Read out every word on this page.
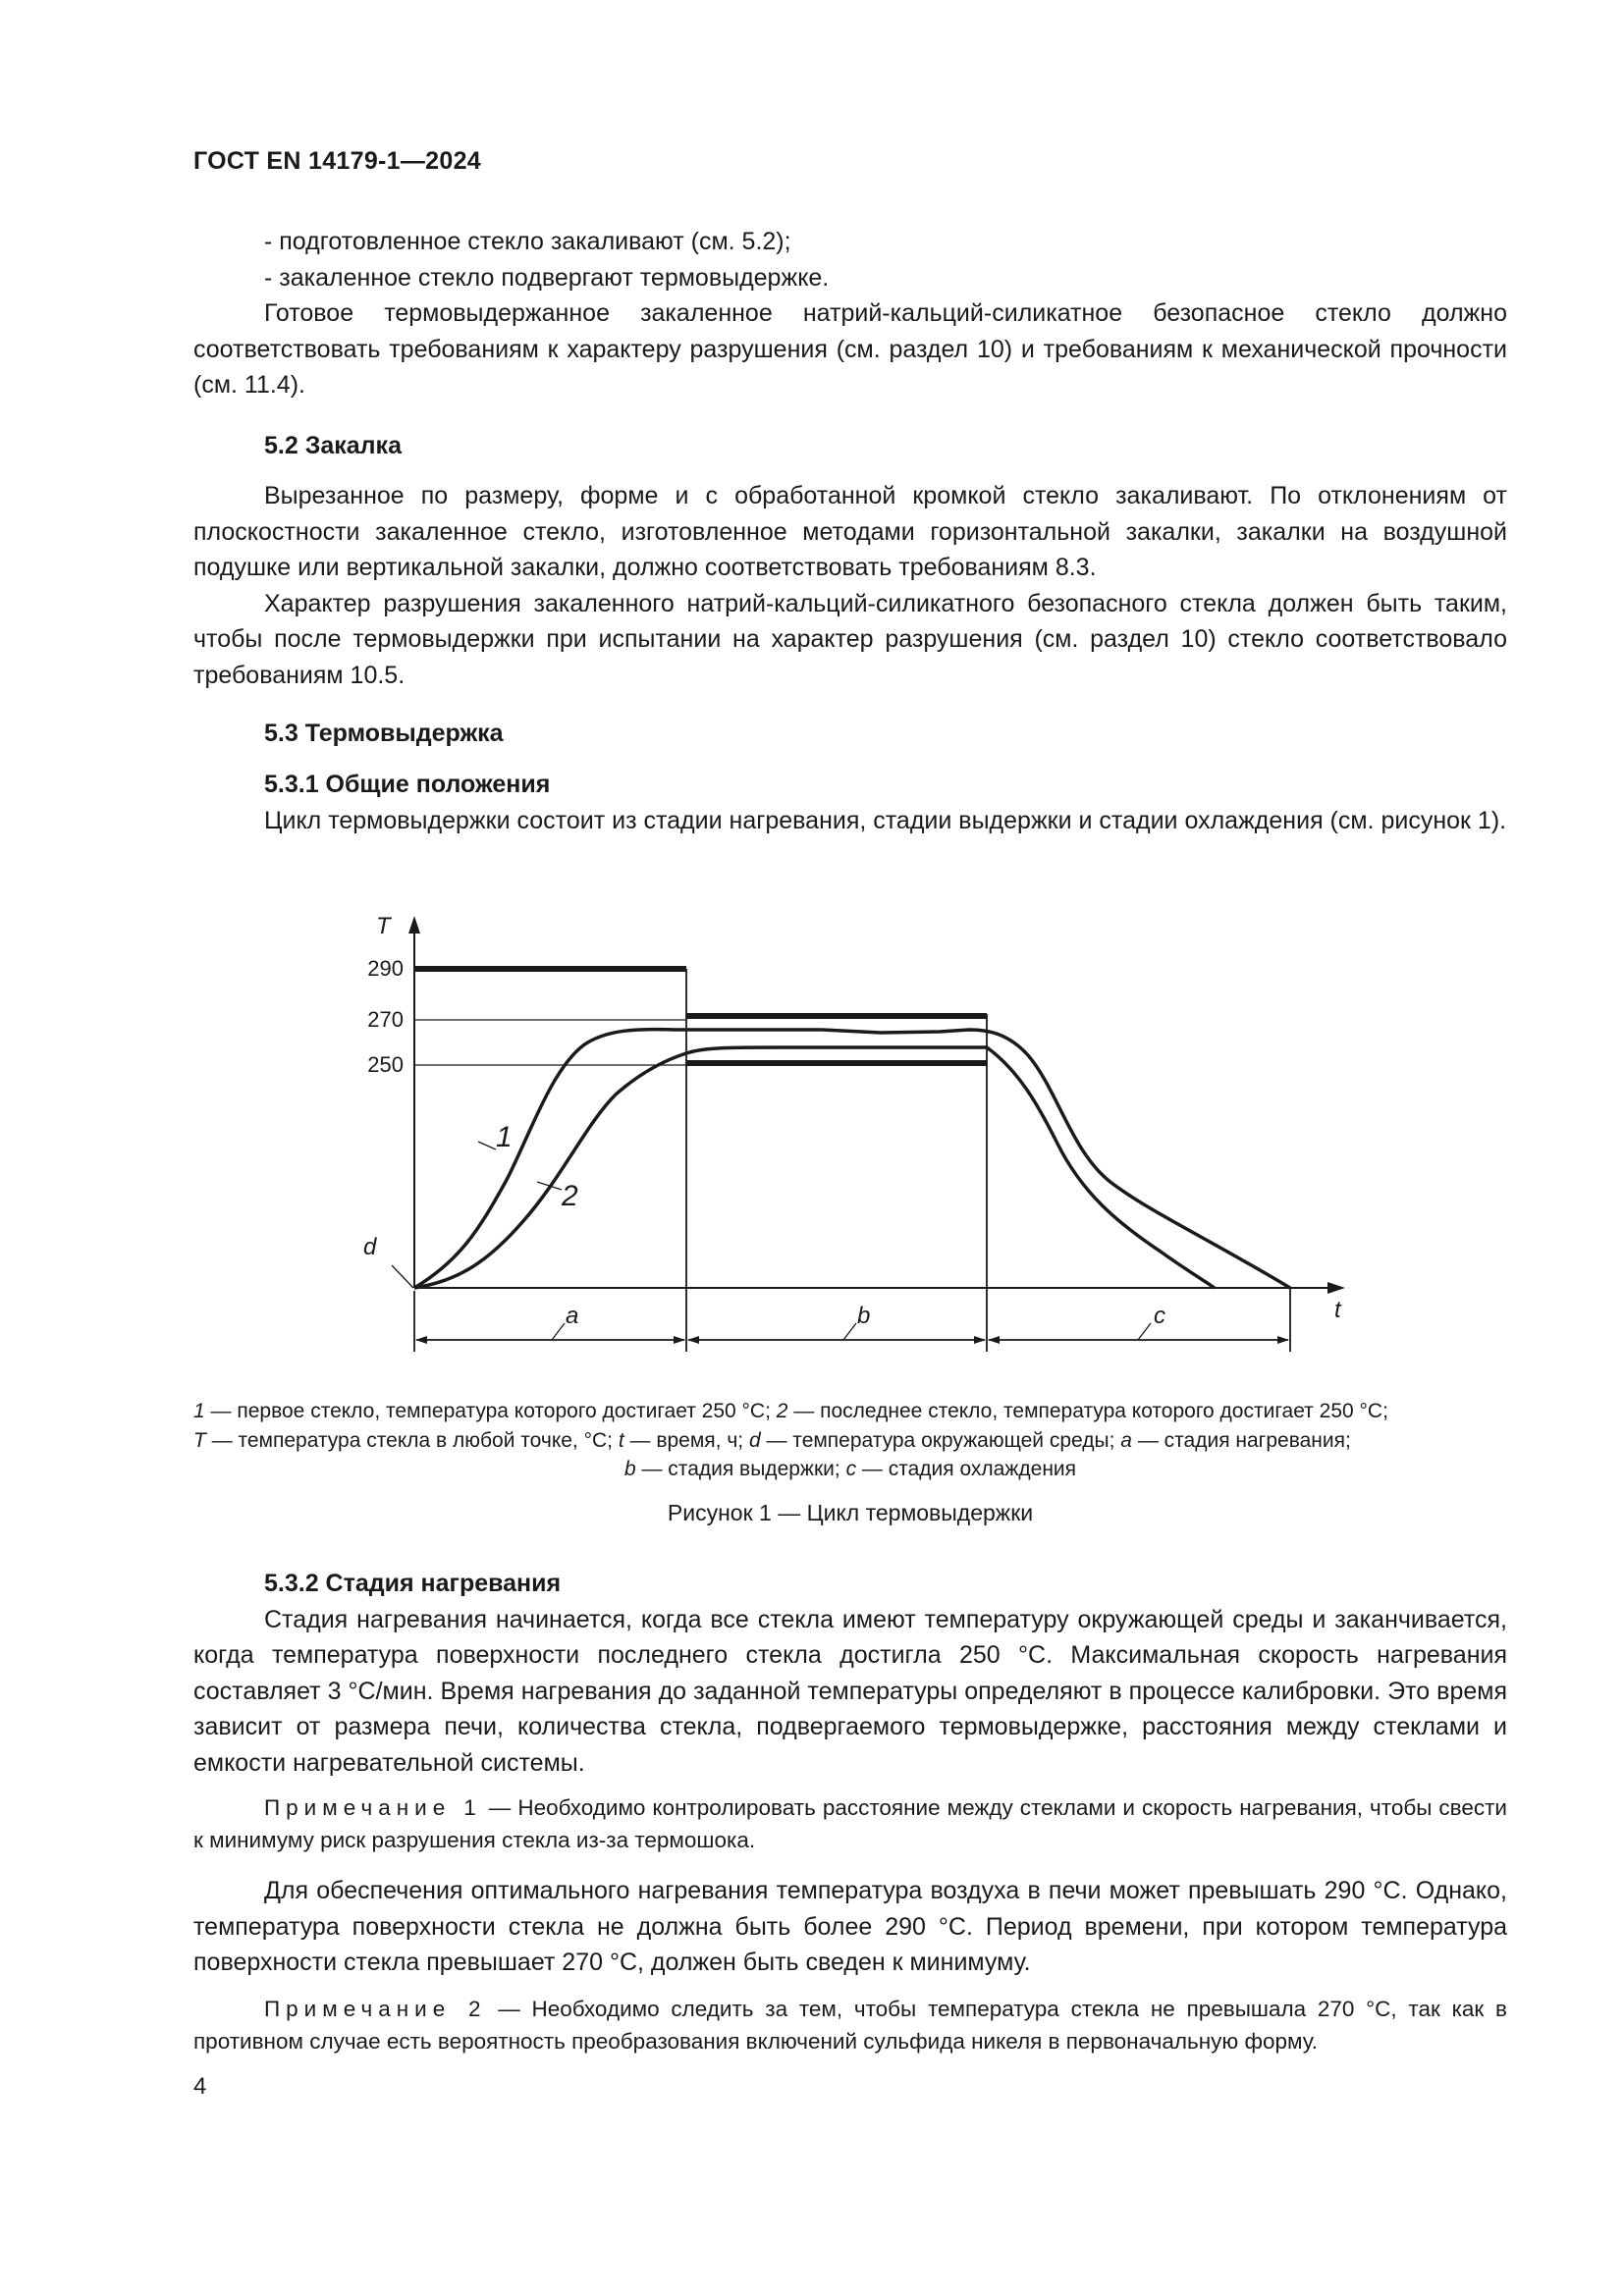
ГОСТ EN 14179-1—2024

- подготовленное стекло закаливают (см. 5.2);

- закаленное стекло подвергают термовыдержке.

Готовое термовыдержанное закаленное натрий-кальций-силикатное безопасное стекло должно соответствовать требованиям к характеру разрушения (см. раздел 10) и требованиям к механической прочности (см. 11.4).

5.2 Закалка

Вырезанное по размеру, форме и с обработанной кромкой стекло закаливают. По отклонениям от плоскостности закаленное стекло, изготовленное методами горизонтальной закалки, закалки на воздушной подушке или вертикальной закалки, должно соответствовать требованиям 8.3.

Характер разрушения закаленного натрий-кальций-силикатного безопасного стекла должен быть таким, чтобы после термовыдержки при испытании на характер разрушения (см. раздел 10) стекло соответствовало требованиям 10.5.

5.3 Термовыдержка

5.3.1 Общие положения

Цикл термовыдержки состоит из стадии нагревания, стадии выдержки и стадии охлаждения (см. рисунок 1).

T
t
290
270
250
1
2
d
a	b	c
1 — первое стекло, температура которого достигает 250 °С; 2 — последнее стекло, температура которого достигает 250 °С;
T — температура стекла в любой точке, °С; t — время, ч; d — температура окружающей среды; a — стадия нагревания;
b — стадия выдержки; c — стадия охлаждения
Рисунок 1 — Цикл термовыдержки

5.3.2 Стадия нагревания

Стадия нагревания начинается, когда все стекла имеют температуру окружающей среды и заканчивается, когда температура поверхности последнего стекла достигла 250 °С. Максимальная скорость нагревания составляет 3 °С/мин. Время нагревания до заданной температуры определяют в процессе калибровки. Это время зависит от размера печи, количества стекла, подвергаемого термовыдержке, расстояния между стеклами и емкости нагревательной системы.

Примечание 1 — Необходимо контролировать расстояние между стеклами и скорость нагревания, чтобы свести к минимуму риск разрушения стекла из-за термошока.

Для обеспечения оптимального нагревания температура воздуха в печи может превышать 290 °С. Однако, температура поверхности стекла не должна быть более 290 °С. Период времени, при котором температура поверхности стекла превышает 270 °С, должен быть сведен к минимуму.

Примечание 2 — Необходимо следить за тем, чтобы температура стекла не превышала 270 °С, так как в противном случае есть вероятность преобразования включений сульфида никеля в первоначальную форму.

4
